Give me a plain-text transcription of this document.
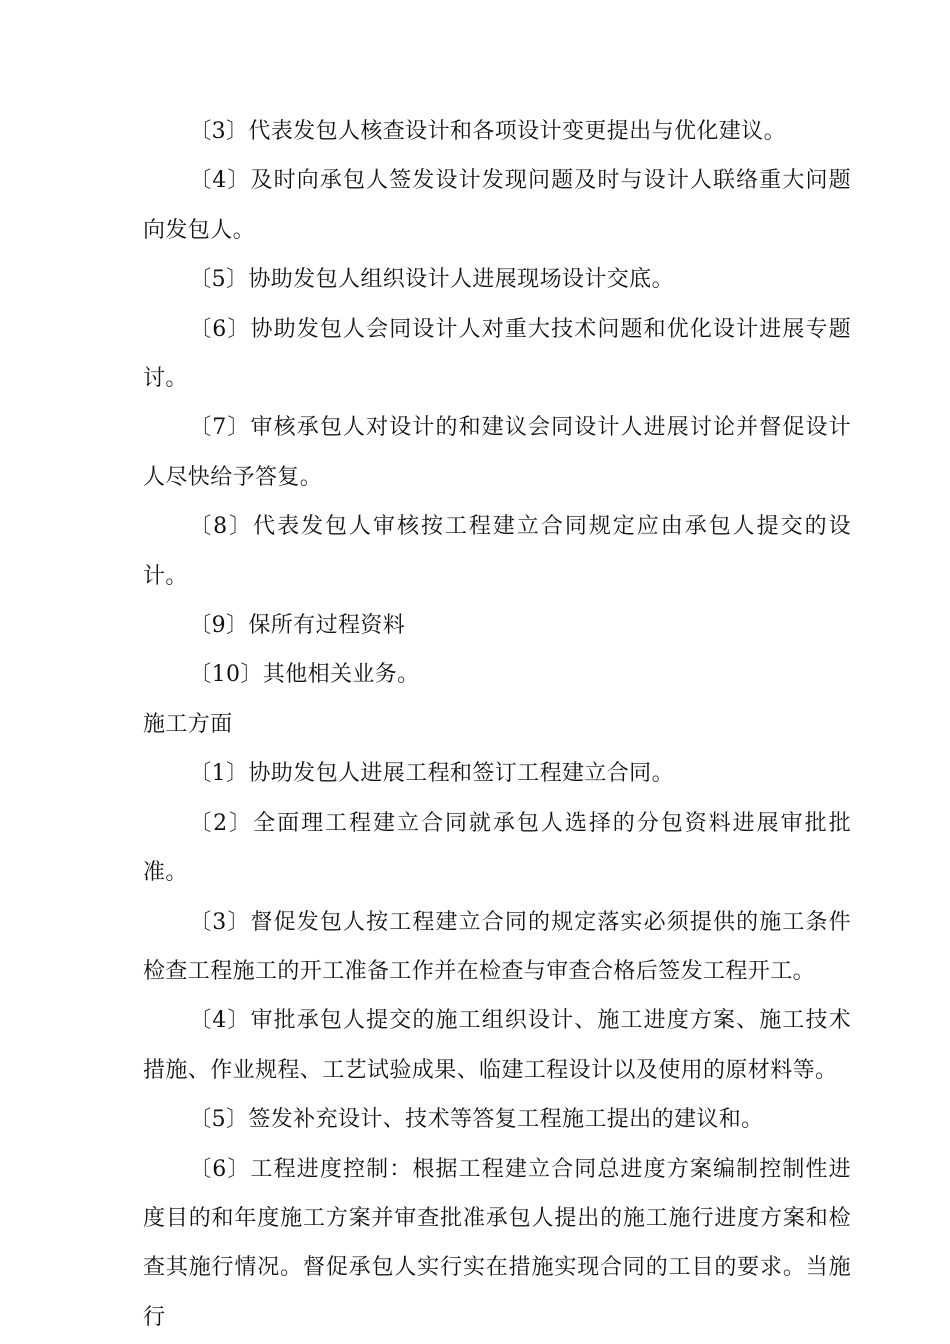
〔3〕代表发包人核查设计和各项设计变更提出与优化建议。

〔4〕及时向承包人签发设计发现问题及时与设计人联络重大问题向发包人。

〔5〕协助发包人组织设计人进展现场设计交底。

〔6〕协助发包人会同设计人对重大技术问题和优化设计进展专题讨。

〔7〕审核承包人对设计的和建议会同设计人进展讨论并督促设计人尽快给予答复。

〔8〕代表发包人审核按工程建立合同规定应由承包人提交的设计。

〔9〕保所有过程资料

〔10〕其他相关业务。

施工方面

〔1〕协助发包人进展工程和签订工程建立合同。

〔2〕全面理工程建立合同就承包人选择的分包资料进展审批批准。

〔3〕督促发包人按工程建立合同的规定落实必须提供的施工条件检查工程施工的开工准备工作并在检查与审查合格后签发工程开工。

〔4〕审批承包人提交的施工组织设计、施工进度方案、施工技术措施、作业规程、工艺试验成果、临建工程设计以及使用的原材料等。

〔5〕签发补充设计、技术等答复工程施工提出的建议和。

〔6〕工程进度控制：根据工程建立合同总进度方案编制控制性进度目的和年度施工方案并审查批准承包人提出的施工施行进度方案和检查其施行情况。督促承包人实行实在措施实现合同的工目的要求。当施行
